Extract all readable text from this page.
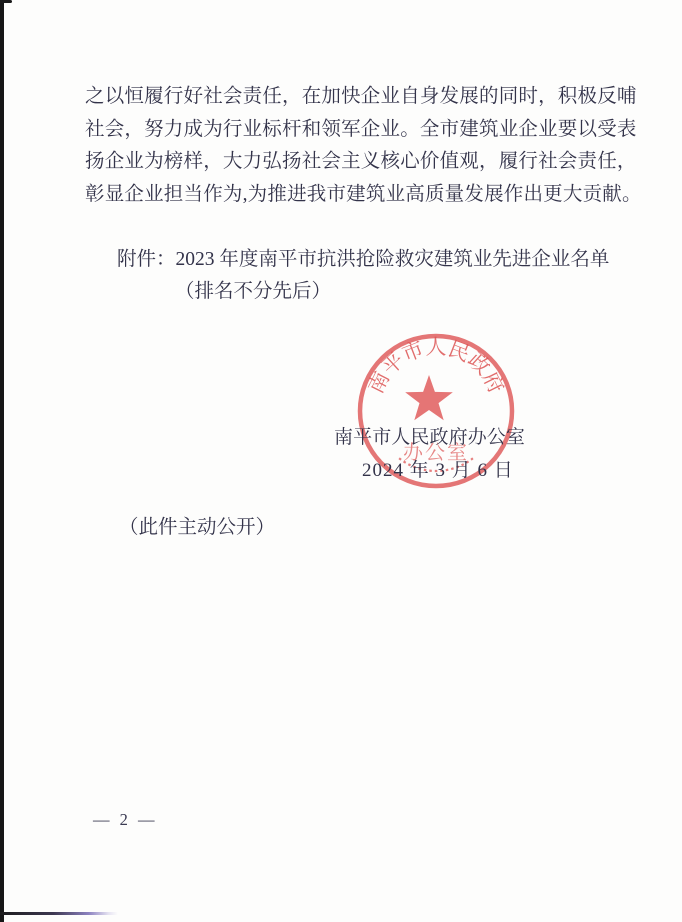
之以恒履行好社会责任，在加快企业自身发展的同时，积极反哺
社会，努力成为行业标杆和领军企业。全市建筑业企业要以受表
扬企业为榜样，大力弘扬社会主义核心价值观，履行社会责任，
彰显企业担当作为,为推进我市建筑业高质量发展作出更大贡献。
附件：2023 年度南平市抗洪抢险救灾建筑业先进企业名单
（排名不分先后）
南平市人民政府
办公室
南平市人民政府办公室
2024 年 3 月 6 日
（此件主动公开）
— 2 —
